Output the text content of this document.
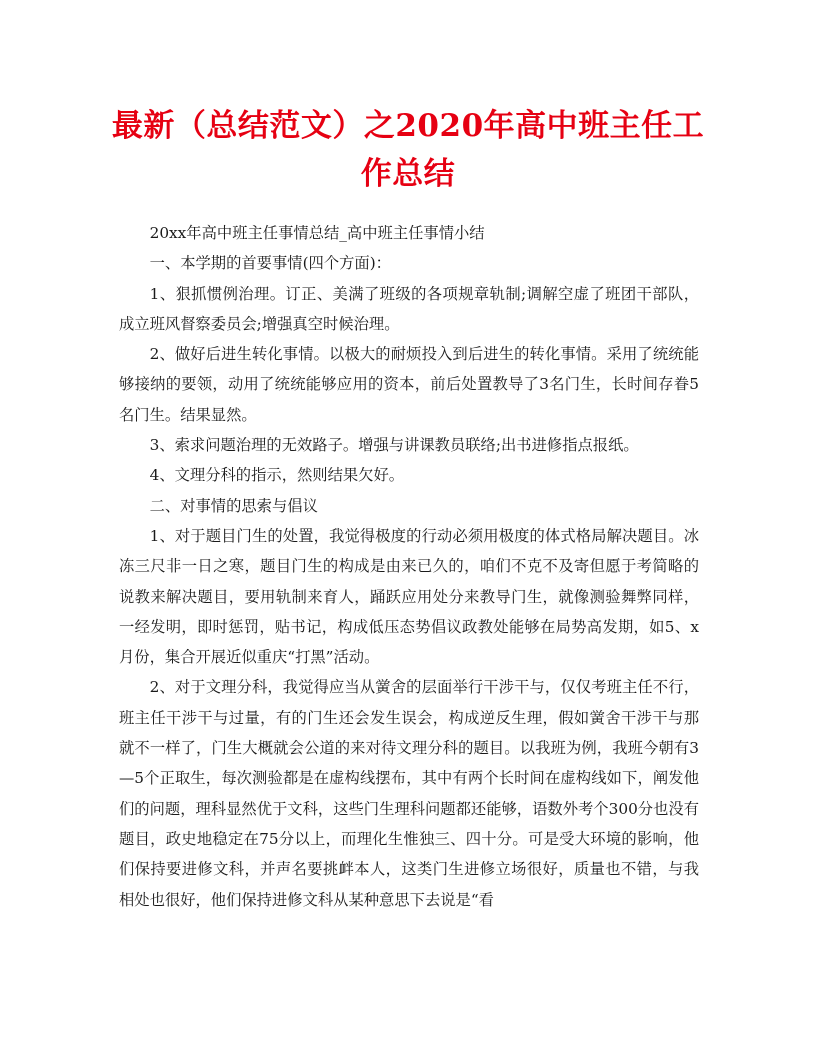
最新（总结范文）之2020年高中班主任工作总结

20xx年高中班主任事情总结_高中班主任事情小结

一、本学期的首要事情(四个方面)：

1、狠抓惯例治理。订正、美满了班级的各项规章轨制;调解空虚了班团干部队，成立班风督察委员会;增强真空时候治理。

2、做好后进生转化事情。以极大的耐烦投入到后进生的转化事情。采用了统统能够接纳的要领，动用了统统能够应用的资本，前后处置教导了3名门生，长时间存眷5名门生。结果显然。

3、索求问题治理的无效路子。增强与讲课教员联络;出书进修指点报纸。

4、文理分科的指示，然则结果欠好。

二、对事情的思索与倡议

1、对于题目门生的处置，我觉得极度的行动必须用极度的体式格局解决题目。冰冻三尺非一日之寒，题目门生的构成是由来已久的，咱们不克不及寄但愿于考简略的说教来解决题目，要用轨制来育人，踊跃应用处分来教导门生，就像测验舞弊同样，一经发明，即时惩罚，贴书记，构成低压态势倡议政教处能够在局势高发期，如5、x月份，集合开展近似重庆“打黑”活动。

2、对于文理分科，我觉得应当从黉舍的层面举行干涉干与，仅仅考班主任不行，班主任干涉干与过量，有的门生还会发生误会，构成逆反生理，假如黉舍干涉干与那就不一样了，门生大概就会公道的来对待文理分科的题目。以我班为例，我班今朝有3—5个正取生，每次测验都是在虚构线摆布，其中有两个长时间在虚构线如下，阐发他们的问题，理科显然优于文科，这些门生理科问题都还能够，语数外考个300分也没有题目，政史地稳定在75分以上，而理化生惟独三、四十分。可是受大环境的影响，他们保持要进修文科，并声名要挑衅本人，这类门生进修立场很好，质量也不错，与我相处也很好，他们保持进修文科从某种意思下去说是“看
